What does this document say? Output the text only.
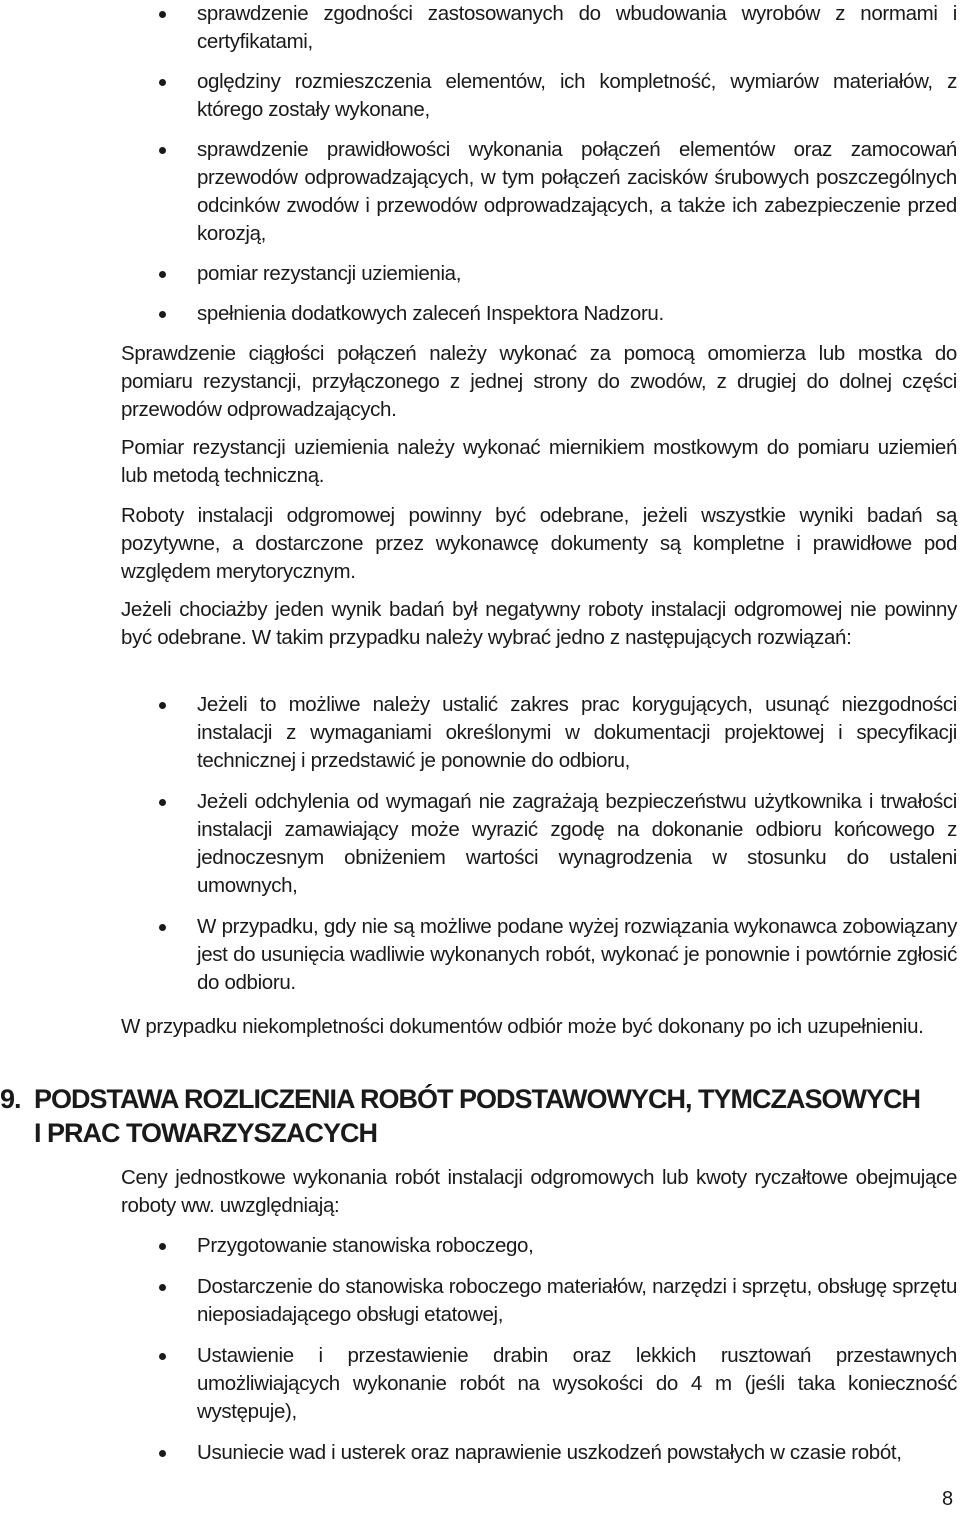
sprawdzenie zgodności zastosowanych do wbudowania wyrobów z normami i certyfikatami,
oględziny rozmieszczenia elementów, ich kompletność, wymiarów materiałów, z którego zostały wykonane,
sprawdzenie prawidłowości wykonania połączeń elementów oraz zamocowań przewodów odprowadzających, w tym połączeń zacisków śrubowych poszczególnych odcinków zwodów i przewodów odprowadzających, a także ich zabezpieczenie przed korozją,
pomiar rezystancji uziemienia,
spełnienia dodatkowych zaleceń Inspektora Nadzoru.

Sprawdzenie ciągłości połączeń należy wykonać za pomocą omomierza lub mostka do pomiaru rezystancji, przyłączonego z jednej strony do zwodów, z drugiej do dolnej części przewodów odprowadzających.

Pomiar rezystancji uziemienia należy wykonać miernikiem mostkowym do pomiaru uziemień lub metodą techniczną.

Roboty instalacji odgromowej powinny być odebrane, jeżeli wszystkie wyniki badań są pozytywne, a dostarczone przez wykonawcę dokumenty są kompletne i prawidłowe pod względem merytorycznym.

Jeżeli chociażby jeden wynik badań był negatywny roboty instalacji odgromowej nie powinny być odebrane. W takim przypadku należy wybrać jedno z następujących rozwiązań:

Jeżeli to możliwe należy ustalić zakres prac korygujących, usunąć niezgodności instalacji z wymaganiami określonymi w dokumentacji projektowej i specyfikacji technicznej i przedstawić je ponownie do odbioru,
Jeżeli odchylenia od wymagań nie zagrażają bezpieczeństwu użytkownika i trwałości instalacji zamawiający może wyrazić zgodę na dokonanie odbioru końcowego z jednoczesnym obniżeniem wartości wynagrodzenia w stosunku do ustaleni umownych,
W przypadku, gdy nie są możliwe podane wyżej rozwiązania wykonawca zobowiązany jest do usunięcia wadliwie wykonanych robót, wykonać je ponownie i powtórnie zgłosić do odbioru.

W przypadku niekompletności dokumentów odbiór może być dokonany po ich uzupełnieniu.

9. PODSTAWA ROZLICZENIA ROBÓT PODSTAWOWYCH, TYMCZASOWYCH
I PRAC TOWARZYSZACYCH

Ceny jednostkowe wykonania robót instalacji odgromowych lub kwoty ryczałtowe obejmujące roboty ww. uwzględniają:

Przygotowanie stanowiska roboczego,
Dostarczenie do stanowiska roboczego materiałów, narzędzi i sprzętu, obsługę sprzętu nieposiadającego obsługi etatowej,
Ustawienie i przestawienie drabin oraz lekkich rusztowań przestawnych umożliwiających wykonanie robót na wysokości do 4 m (jeśli taka konieczność występuje),
Usuniecie wad i usterek oraz naprawienie uszkodzeń powstałych w czasie robót,
8
